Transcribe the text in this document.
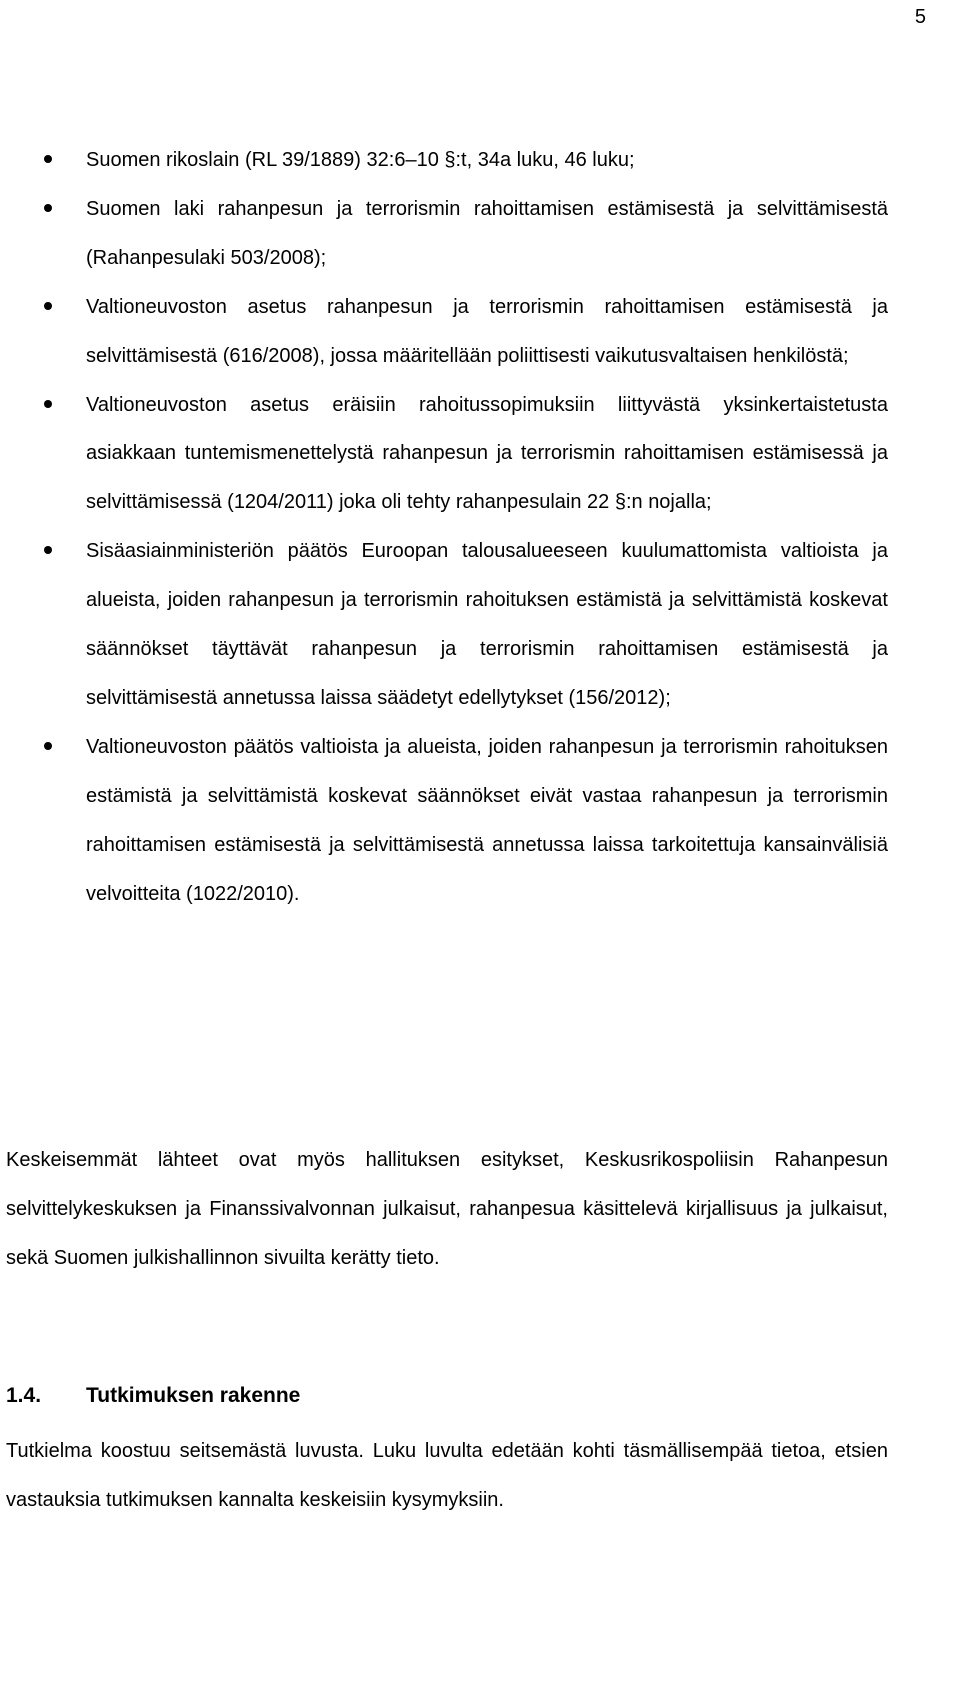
5
Suomen rikoslain (RL 39/1889) 32:6–10 §:t, 34a luku, 46 luku;
Suomen laki rahanpesun ja terrorismin rahoittamisen estämisestä ja selvittämisestä (Rahanpesulaki 503/2008);
Valtioneuvoston asetus rahanpesun ja terrorismin rahoittamisen estämisestä ja selvittämisestä (616/2008), jossa määritellään poliittisesti vaikutusvaltaisen henkilöstä;
Valtioneuvoston asetus eräisiin rahoitussopimuksiin liittyvästä yksinkertaistetusta asiakkaan tuntemismenettelystä rahanpesun ja terrorismin rahoittamisen estämisessä ja selvittämisessä (1204/2011) joka oli tehty rahanpesulain 22 §:n nojalla;
Sisäasiainministeriön päätös Euroopan talousalueeseen kuulumattomista valtioista ja alueista, joiden rahanpesun ja terrorismin rahoituksen estämistä ja selvittämistä koskevat säännökset täyttävät rahanpesun ja terrorismin rahoittamisen estämisestä ja selvittämisestä annetussa laissa säädetyt edellytykset (156/2012);
Valtioneuvoston päätös valtioista ja alueista, joiden rahanpesun ja terrorismin rahoituksen estämistä ja selvittämistä koskevat säännökset eivät vastaa rahanpesun ja terrorismin rahoittamisen estämisestä ja selvittämisestä annetussa laissa tarkoitettuja kansainvälisiä velvoitteita (1022/2010).

Keskeisemmät lähteet ovat myös hallituksen esitykset, Keskusrikospoliisin Rahanpesun selvittelykeskuksen ja Finanssivalvonnan julkaisut, rahanpesua käsittelevä kirjallisuus ja julkaisut, sekä Suomen julkishallinnon sivuilta kerätty tieto.

1.4.	Tutkimuksen rakenne

Tutkielma koostuu seitsemästä luvusta. Luku luvulta edetään kohti täsmällisempää tietoa, etsien vastauksia tutkimuksen kannalta keskeisiin kysymyksiin.
